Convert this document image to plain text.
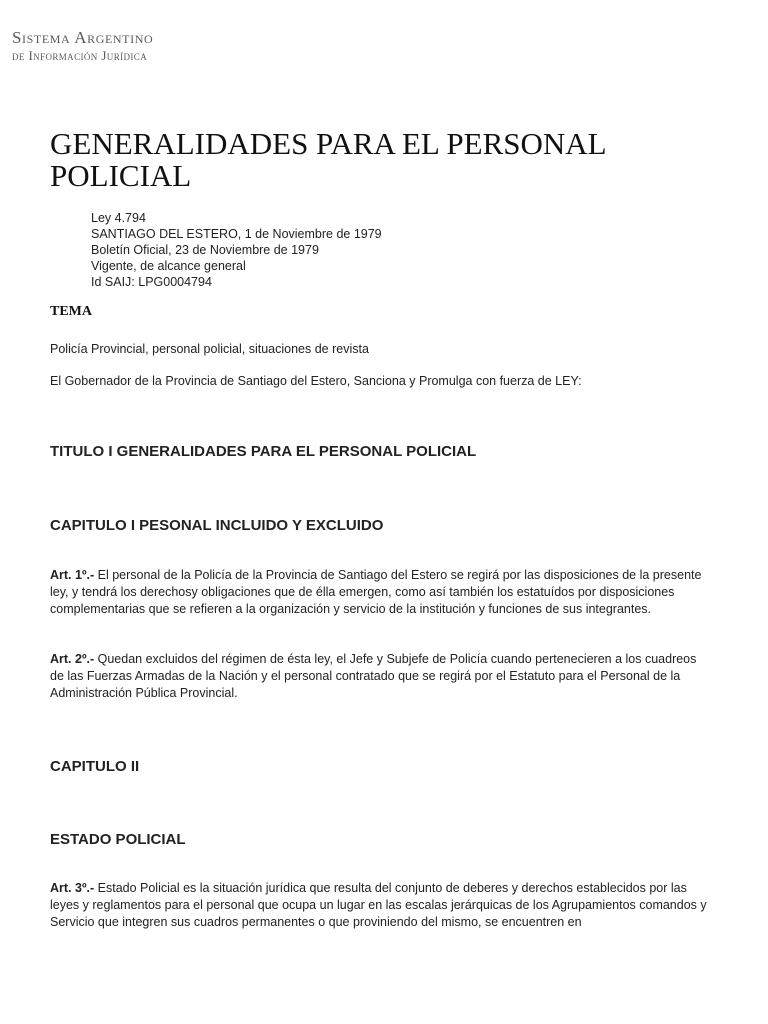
Sistema Argentino
de Información Jurídica
GENERALIDADES PARA EL PERSONAL POLICIAL
Ley 4.794
SANTIAGO DEL ESTERO, 1 de Noviembre de 1979
Boletín Oficial, 23 de Noviembre de 1979
Vigente, de alcance general
Id SAIJ: LPG0004794
TEMA

Policía Provincial, personal policial, situaciones de revista

El Gobernador de la Provincia de Santiago del Estero, Sanciona y Promulga con fuerza de LEY:

TITULO I GENERALIDADES PARA EL PERSONAL POLICIAL
CAPITULO I PESONAL INCLUIDO Y EXCLUIDO

Art. 1º.- El personal de la Policía de la Provincia de Santiago del Estero se regirá por las disposiciones de la presente ley, y tendrá los derechosy obligaciones que de élla emergen, como así también los estatuídos por disposiciones complementarias que se refieren a la organización y servicio de la institución y funciones de sus integrantes.

Art. 2º.- Quedan excluidos del régimen de ésta ley, el Jefe y Subjefe de Policía cuando pertenecieren a los cuadreos de las Fuerzas Armadas de la Nación y el personal contratado que se regirá por el Estatuto para el Personal de la Administración Pública Provincial.

CAPITULO II
ESTADO POLICIAL

Art. 3º.- Estado Policial es la situación jurídica que resulta del conjunto de deberes y derechos establecidos por las leyes y reglamentos para el personal que ocupa un lugar en las escalas jerárquicas de los Agrupamientos comandos y Servicio que integren sus cuadros permanentes o que proviniendo del mismo, se encuentren en
